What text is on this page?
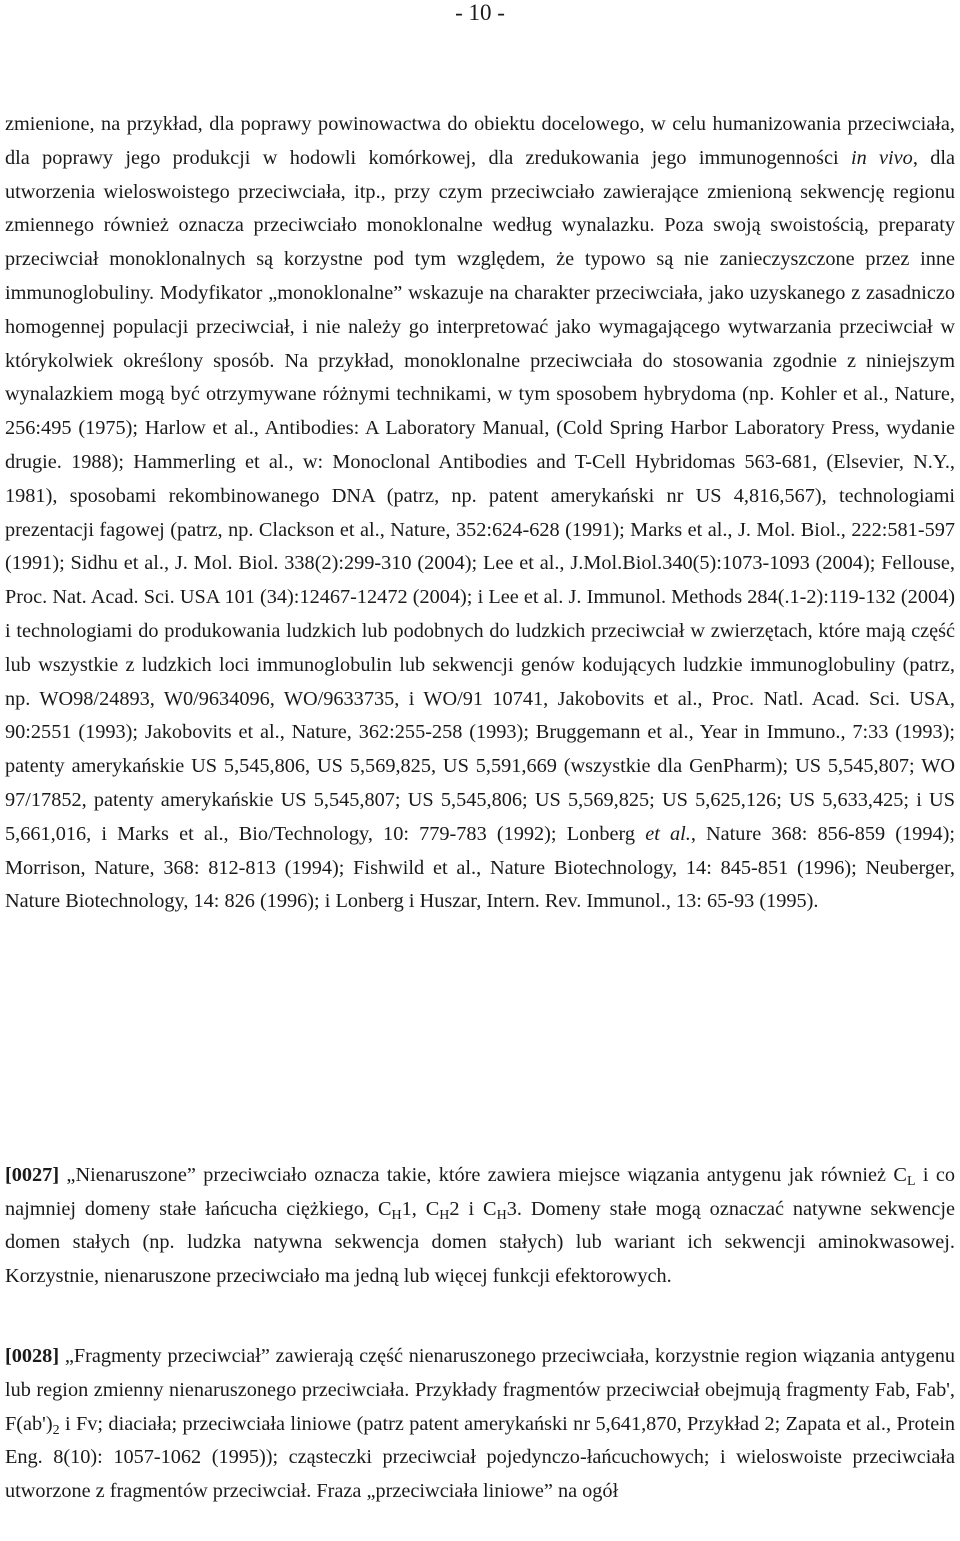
- 10 -

zmienione, na przykład, dla poprawy powinowactwa do obiektu docelowego, w celu humanizowania przeciwciała, dla poprawy jego produkcji w hodowli komórkowej, dla zredukowania jego immunogenności in vivo, dla utworzenia wieloswoistego przeciwciała, itp., przy czym przeciwciało zawierające zmienioną sekwencję regionu zmiennego również oznacza przeciwciało monoklonalne według wynalazku. Poza swoją swoistością, preparaty przeciwciał monoklonalnych są korzystne pod tym względem, że typowo są nie zanieczyszczone przez inne immunoglobuliny. Modyfikator „monoklonalne” wskazuje na charakter przeciwciała, jako uzyskanego z zasadniczo homogennej populacji przeciwciał, i nie należy go interpretować jako wymagającego wytwarzania przeciwciał w którykolwiek określony sposób. Na przykład, monoklonalne przeciwciała do stosowania zgodnie z niniejszym wynalazkiem mogą być otrzymywane różnymi technikami, w tym sposobem hybrydoma (np. Kohler et al., Nature, 256:495 (1975); Harlow et al., Antibodies: A Laboratory Manual, (Cold Spring Harbor Laboratory Press, wydanie drugie. 1988); Hammerling et al., w: Monoclonal Antibodies and T-Cell Hybridomas 563-681, (Elsevier, N.Y., 1981), sposobami rekombinowanego DNA (patrz, np. patent amerykański nr US 4,816,567), technologiami prezentacji fagowej (patrz, np. Clackson et al., Nature, 352:624-628 (1991); Marks et al., J. Mol. Biol., 222:581-597 (1991); Sidhu et al., J. Mol. Biol. 338(2):299-310 (2004); Lee et al., J.Mol.Biol.340(5):1073-1093 (2004); Fellouse, Proc. Nat. Acad. Sci. USA 101 (34):12467-12472 (2004); i Lee et al. J. Immunol. Methods 284(.1-2):119-132 (2004) i technologiami do produkowania ludzkich lub podobnych do ludzkich przeciwciał w zwierzętach, które mają część lub wszystkie z ludzkich loci immunoglobulin lub sekwencji genów kodujących ludzkie immunoglobuliny (patrz, np. WO98/24893, W0/9634096, WO/9633735, i WO/91 10741, Jakobovits et al., Proc. Natl. Acad. Sci. USA, 90:2551 (1993); Jakobovits et al., Nature, 362:255-258 (1993); Bruggemann et al., Year in Immuno., 7:33 (1993); patenty amerykańskie US 5,545,806, US 5,569,825, US 5,591,669 (wszystkie dla GenPharm); US 5,545,807; WO 97/17852, patenty amerykańskie US 5,545,807; US 5,545,806; US 5,569,825; US 5,625,126; US 5,633,425; i US 5,661,016, i Marks et al., Bio/Technology, 10: 779-783 (1992); Lonberg et al., Nature 368: 856-859 (1994); Morrison, Nature, 368: 812-813 (1994); Fishwild et al., Nature Biotechnology, 14: 845-851 (1996); Neuberger, Nature Biotechnology, 14: 826 (1996); i Lonberg i Huszar, Intern. Rev. Immunol., 13: 65-93 (1995).

[0027] „Nienaruszone” przeciwciało oznacza takie, które zawiera miejsce wiązania antygenu jak również $C_L$ i co najmniej domeny stałe łańcucha ciężkiego, $C_H1$, $C_H2$ i $C_H3$. Domeny stałe mogą oznaczać natywne sekwencje domen stałych (np. ludzka natywna sekwencja domen stałych) lub wariant ich sekwencji aminokwasowej. Korzystnie, nienaruszone przeciwciało ma jedną lub więcej funkcji efektorowych.

[0028] „Fragmenty przeciwciał” zawierają część nienaruszonego przeciwciała, korzystnie region wiązania antygenu lub region zmienny nienaruszonego przeciwciała. Przykłady fragmentów przeciwciał obejmują fragmenty Fab, Fab', $F(ab')_2$ i Fv; diaciała; przeciwciała liniowe (patrz patent amerykański nr 5,641,870, Przykład 2; Zapata et al., Protein Eng. 8(10): 1057-1062 (1995)); cząsteczki przeciwciał pojedynczo-łańcuchowych; i wieloswoiste przeciwciała utworzone z fragmentów przeciwciał. Fraza „przeciwciała liniowe” na ogół
